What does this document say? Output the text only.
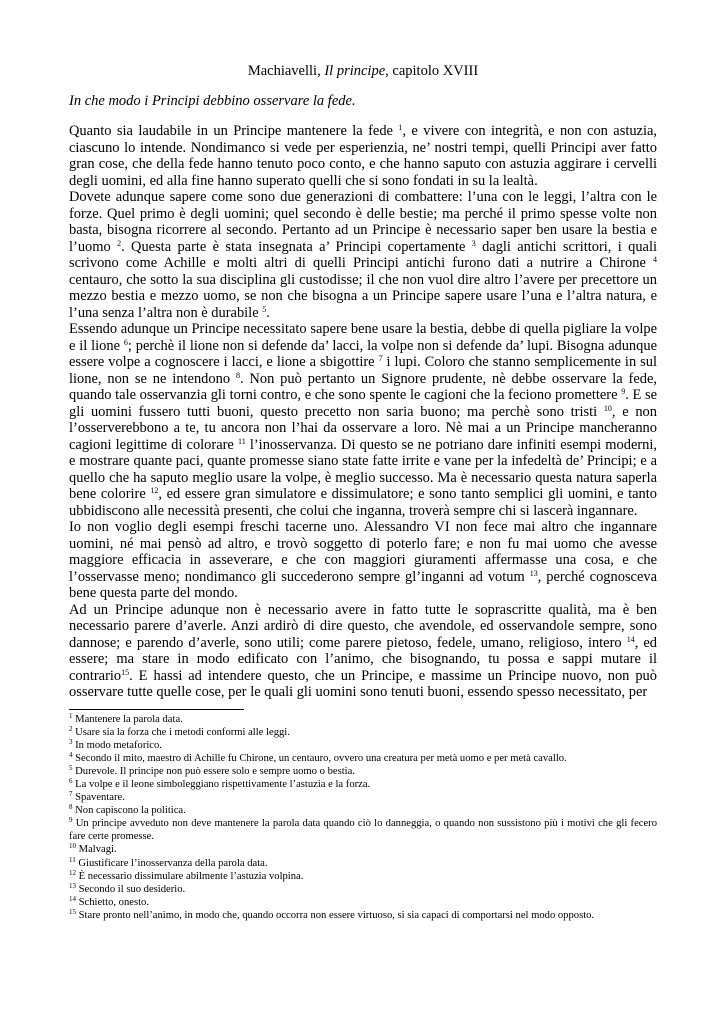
Machiavelli, Il principe, capitolo XVIII
In che modo i Principi debbino osservare la fede.

Quanto sia laudabile in un Principe mantenere la fede $^1$, e vivere con integrità, e non con astuzia, ciascuno lo intende. Nondimanco si vede per esperienzia, ne’ nostri tempi, quelli Principi aver fatto gran cose, che della fede hanno tenuto poco conto, e che hanno saputo con astuzia aggirare i cervelli degli uomini, ed alla fine hanno superato quelli che si sono fondati in su la lealtà.

Dovete adunque sapere come sono due generazioni di combattere: l’una con le leggi, l’altra con le forze. Quel primo è degli uomini; quel secondo è delle bestie; ma perché il primo spesse volte non basta, bisogna ricorrere al secondo. Pertanto ad un Principe è necessario saper ben usare la bestia e l’uomo $^2$. Questa parte è stata insegnata a’ Principi copertamente $^3$ dagli antichi scrittori, i quali scrivono come Achille e molti altri di quelli Principi antichi furono dati a nutrire a Chirone $^4$ centauro, che sotto la sua disciplina gli custodisse; il che non vuol dire altro l’avere per precettore un mezzo bestia e mezzo uomo, se non che bisogna a un Principe sapere usare l’una e l’altra natura, e l’una senza l’altra non è durabile $^5$.

Essendo adunque un Principe necessitato sapere bene usare la bestia, debbe di quella pigliare la volpe e il lione $^6$; perchè il lione non si defende da’ lacci, la volpe non si defende da’ lupi. Bisogna adunque essere volpe a cognoscere i lacci, e lione a sbigottire $^7$ i lupi. Coloro che stanno semplicemente in sul lione, non se ne intendono $^8$. Non può pertanto un Signore prudente, nè debbe osservare la fede, quando tale osservanzia gli torni contro, e che sono spente le cagioni che la feciono promettere $^9$. E se gli uomini fussero tutti buoni, questo precetto non saria buono; ma perchè sono tristi $^{10}$, e non l’osserverebbono a te, tu ancora non l’hai da osservare a loro. Nè mai a un Principe mancheranno cagioni legittime di colorare $^{11}$ l’inosservanza. Di questo se ne potriano dare infiniti esempi moderni, e mostrare quante paci, quante promesse siano state fatte irrite e vane per la infedeltà de’ Principi; e a quello che ha saputo meglio usare la volpe, è meglio successo. Ma è necessario questa natura saperla bene colorire $^{12}$, ed essere gran simulatore e dissimulatore; e sono tanto semplici gli uomini, e tanto ubbidiscono alle necessità presenti, che colui che inganna, troverà sempre chi si lascerà ingannare.

Io non voglio degli esempi freschi tacerne uno. Alessandro VI non fece mai altro che ingannare uomini, né mai pensò ad altro, e trovò soggetto di poterlo fare; e non fu mai uomo che avesse maggiore efficacia in asseverare, e che con maggiori giuramenti affermasse una cosa, e che l’osservasse meno; nondimanco gli succederono sempre gl’inganni ad votum $^{13}$, perché cognosceva bene questa parte del mondo.

Ad un Principe adunque non è necessario avere in fatto tutte le soprascritte qualità, ma è ben necessario parere d’averle. Anzi ardirò di dire questo, che avendole, ed osservandole sempre, sono dannose; e parendo d’averle, sono utili; come parere pietoso, fedele, umano, religioso, intero $^{14}$, ed essere; ma stare in modo edificato con l’animo, che bisognando, tu possa e sappi mutare il contrario$^{15}$. E hassi ad intendere questo, che un Principe, e massime un Principe nuovo, non può osservare tutte quelle cose, per le quali gli uomini sono tenuti buoni, essendo spesso necessitato, per

$^1$ Mantenere la parola data.

$^2$ Usare sia la forza che i metodi conformi alle leggi.

$^3$ In modo metaforico.

$^4$ Secondo il mito, maestro di Achille fu Chirone, un centauro, ovvero una creatura per metà uomo e per metà cavallo.

$^5$ Durevole. Il principe non può essere solo e sempre uomo o bestia.

$^6$ La volpe e il leone simboleggiano rispettivamente l’astuzia e la forza.

$^7$ Spaventare.

$^8$ Non capiscono la politica.

$^9$ Un principe avveduto non deve mantenere la parola data quando ciò lo danneggia, o quando non sussistono più i motivi che gli fecero fare certe promesse.

$^{10}$ Malvagi.

$^{11}$ Giustificare l’inosservanza della parola data.

$^{12}$ È necessario dissimulare abilmente l’astuzia volpina.

$^{13}$ Secondo il suo desiderio.

$^{14}$ Schietto, onesto.

$^{15}$ Stare pronto nell’animo, in modo che, quando occorra non essere virtuoso, si sia capaci di comportarsi nel modo opposto.
